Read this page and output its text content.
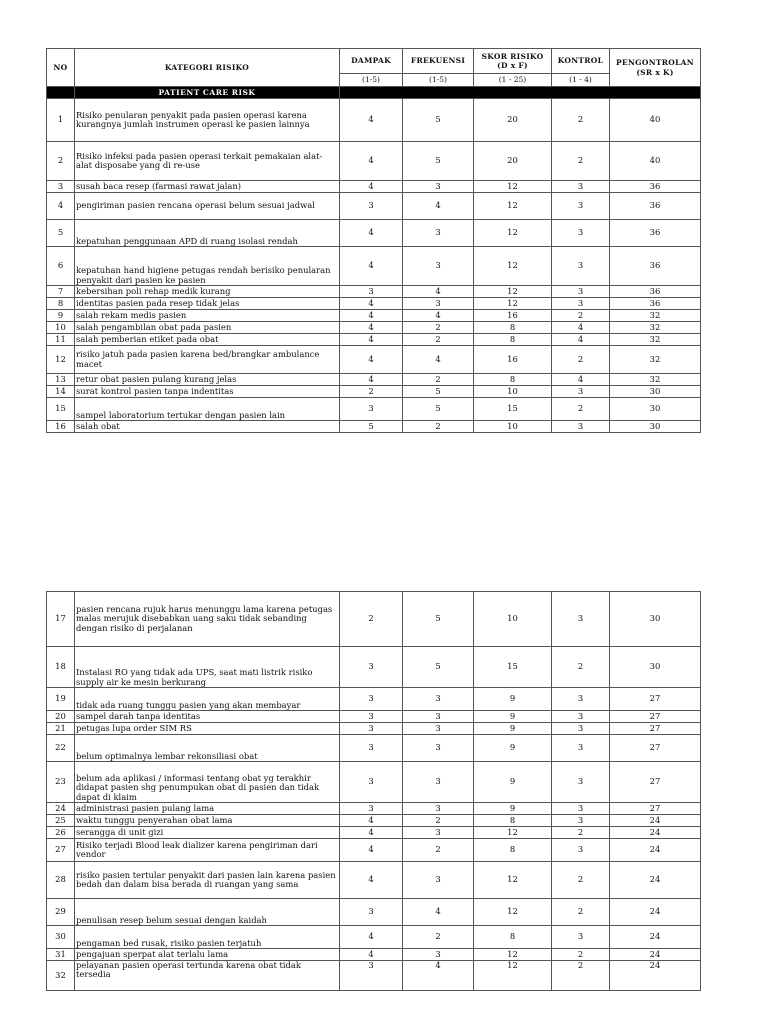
NO	KATEGORI RISIKO	DAMPAK	FREKUENSI	SKOR RISIKO (D x F)	KONTROL	PENGONTROLAN (SR x K)
		(1-5)	(1-5)	(1 - 25)	(1 - 4)	
	PATIENT CARE RISK					
1	Risiko penularan penyakit pada pasien operasi karena kurangnya jumlah instrumen operasi ke pasien lainnya	4	5	20	2	40
2	Risiko infeksi pada pasien operasi terkait pemakaian alat-alat disposabe yang di re-use	4	5	20	2	40
3	susah baca resep (farmasi rawat jalan)	4	3	12	3	36
4	pengiriman pasien rencana operasi belum sesuai jadwal	3	4	12	3	36
5	kepatuhan penggunaan APD di ruang isolasi rendah	4	3	12	3	36
6	kepatuhan hand higiene petugas rendah berisiko penularan penyakit dari pasien ke pasien	4	3	12	3	36
7	kebersihan poli rehap medik kurang	3	4	12	3	36
8	identitas pasien pada resep tidak jelas	4	3	12	3	36
9	salah rekam medis pasien	4	4	16	2	32
10	salah pengambilan obat pada pasien	4	2	8	4	32
11	salah pemberian etiket pada obat	4	2	8	4	32
12	risiko jatuh pada pasien karena bed/brangkar ambulance macet	4	4	16	2	32
13	retur obat pasien pulang kurang jelas	4	2	8	4	32
14	surat kontrol pasien tanpa indentitas	2	5	10	3	30
15	sampel laboratorium tertukar dengan pasien lain	3	5	15	2	30
16	salah obat	5	2	10	3	30
17	pasien rencana rujuk harus menunggu lama karena petugas malas merujuk disebabkan uang saku tidak sebanding dengan risiko di perjalanan	2	5	10	3	30
18	Instalasi RO yang tidak ada UPS, saat mati listrik risiko supply air ke mesin berkurang	3	5	15	2	30
19	tidak ada ruang tunggu pasien yang akan membayar	3	3	9	3	27
20	sampel darah tanpa identitas	3	3	9	3	27
21	petugas lupa order SIM RS	3	3	9	3	27
22	belum optimalnya lembar rekonsiliasi obat	3	3	9	3	27
23	belum ada aplikasi / informasi tentang obat yg terakhir didapat pasien shg penumpukan obat di pasien dan tidak dapat di klaim	3	3	9	3	27
24	administrasi pasien pulang lama	3	3	9	3	27
25	waktu tunggu penyerahan obat lama	4	2	8	3	24
26	serangga di unit gizi	4	3	12	2	24
27	Risiko terjadi Blood leak dializer karena pengiriman dari vendor	4	2	8	3	24
28	risiko pasien tertular penyakit dari pasien lain karena pasien bedah dan dalam bisa berada di ruangan yang sama	4	3	12	2	24
29	penulisan resep belum sesuai dengan kaidah	3	4	12	2	24
30	pengaman bed rusak, risiko pasien terjatuh	4	2	8	3	24
31	pengajuan sperpat alat terlalu lama	4	3	12	2	24
32	pelayanan pasien operasi tertunda karena obat tidak tersedia	3	4	12	2	24
